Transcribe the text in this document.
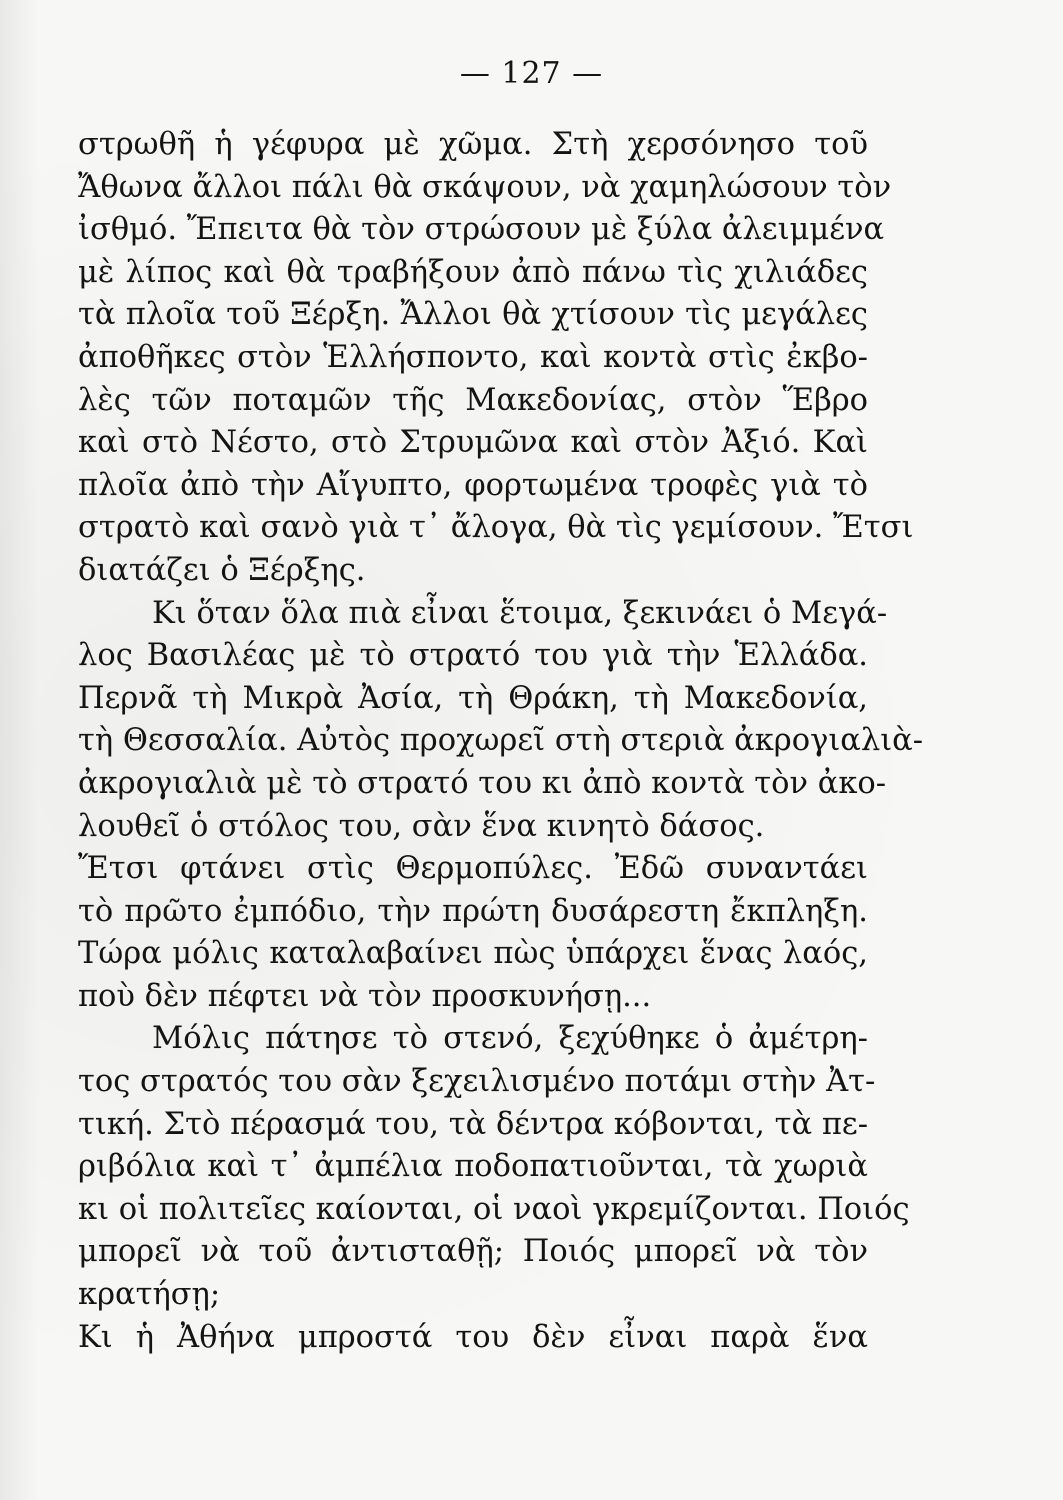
— 127 —
στρωθῆ ἡ γέφυρα μὲ χῶμα. Στὴ χερσόνησο τοῦ
Ἄθωνα ἄλλοι πάλι θὰ σκάψουν, νὰ χαμηλώσουν τὸν
ἰσθμό. Ἔπειτα θὰ τὸν στρώσουν μὲ ξύλα ἀλειμμένα
μὲ λίπος καὶ θὰ τραβήξουν ἀπὸ πάνω τὶς χιλιάδες
τὰ πλοῖα τοῦ Ξέρξη. Ἄλλοι θὰ χτίσουν τὶς μεγάλες
ἀποθῆκες στὸν Ἑλλήσποντο, καὶ κοντὰ στὶς ἐκβο-
λὲς τῶν ποταμῶν τῆς Μακεδονίας, στὸν Ἕβρο
καὶ στὸ Νέστο, στὸ Στρυμῶνα καὶ στὸν Ἀξιό. Καὶ
πλοῖα ἀπὸ τὴν Αἴγυπτο, φορτωμένα τροφὲς γιὰ τὸ
στρατὸ καὶ σανὸ γιὰ τ᾿ ἄλογα, θὰ τὶς γεμίσουν. Ἔτσι
διατάζει ὁ Ξέρξης.
Κι ὅταν ὅλα πιὰ εἶναι ἕτοιμα, ξεκινάει ὁ Μεγά-
λος Βασιλέας μὲ τὸ στρατό του γιὰ τὴν Ἑλλάδα.
Περνᾶ τὴ Μικρὰ Ἀσία, τὴ Θράκη, τὴ Μακεδονία,
τὴ Θεσσαλία. Αὐτὸς προχωρεῖ στὴ στεριὰ ἀκρογιαλιὰ-
ἀκρογιαλιὰ μὲ τὸ στρατό του κι ἀπὸ κοντὰ τὸν ἀκο-
λουθεῖ ὁ στόλος του, σὰν ἕνα κινητὸ δάσος.
Ἔτσι φτάνει στὶς Θερμοπύλες. Ἐδῶ συναντάει
τὸ πρῶτο ἐμπόδιο, τὴν πρώτη δυσάρεστη ἔκπληξη.
Τώρα μόλις καταλαβαίνει πὼς ὑπάρχει ἕνας λαός,
ποὺ δὲν πέφτει νὰ τὸν προσκυνήσῃ...
Μόλις πάτησε τὸ στενό, ξεχύθηκε ὁ ἀμέτρη-
τος στρατός του σὰν ξεχειλισμένο ποτάμι στὴν Ἀτ-
τική. Στὸ πέρασμά του, τὰ δέντρα κόβονται, τὰ πε-
ριβόλια καὶ τ᾿ ἀμπέλια ποδοπατιοῦνται, τὰ χωριὰ
κι οἱ πολιτεῖες καίονται, οἱ ναοὶ γκρεμίζονται. Ποιός
μπορεῖ νὰ τοῦ ἀντισταθῇ; Ποιός μπορεῖ νὰ τὸν
κρατήσῃ;
Κι ἡ Ἀθήνα μπροστά του δὲν εἶναι παρὰ ἕνα
